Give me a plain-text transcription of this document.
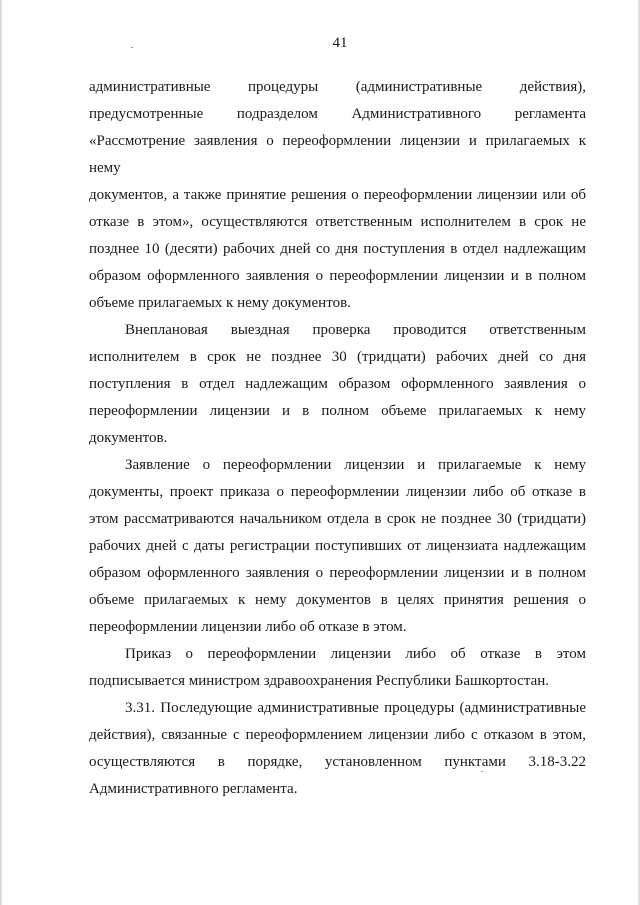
41

административные процедуры (административные действия),
предусмотренные подразделом Административного регламента
«Рассмотрение заявления о переоформлении лицензии и прилагаемых к нему
документов, а также принятие решения о переоформлении лицензии или об
отказе в этом», осуществляются ответственным исполнителем в срок не
позднее 10 (десяти) рабочих дней со дня поступления в отдел надлежащим
образом оформленного заявления о переоформлении лицензии и в полном
объеме прилагаемых к нему документов.

Внеплановая выездная проверка проводится ответственным
исполнителем в срок не позднее 30 (тридцати) рабочих дней со дня
поступления в отдел надлежащим образом оформленного заявления о
переоформлении лицензии и в полном объеме прилагаемых к нему
документов.

Заявление о переоформлении лицензии и прилагаемые к нему
документы, проект приказа о переоформлении лицензии либо об отказе в
этом рассматриваются начальником отдела в срок не позднее 30 (тридцати)
рабочих дней с даты регистрации поступивших от лицензиата надлежащим
образом оформленного заявления о переоформлении лицензии и в полном
объеме прилагаемых к нему документов в целях принятия решения о
переоформлении лицензии либо об отказе в этом.

Приказ о переоформлении лицензии либо об отказе в этом
подписывается министром здравоохранения Республики Башкортостан.

3.31. Последующие административные процедуры (административные
действия), связанные с переоформлением лицензии либо с отказом в этом,
осуществляются в порядке, установленном пунктами 3.18-3.22
Административного регламента.
